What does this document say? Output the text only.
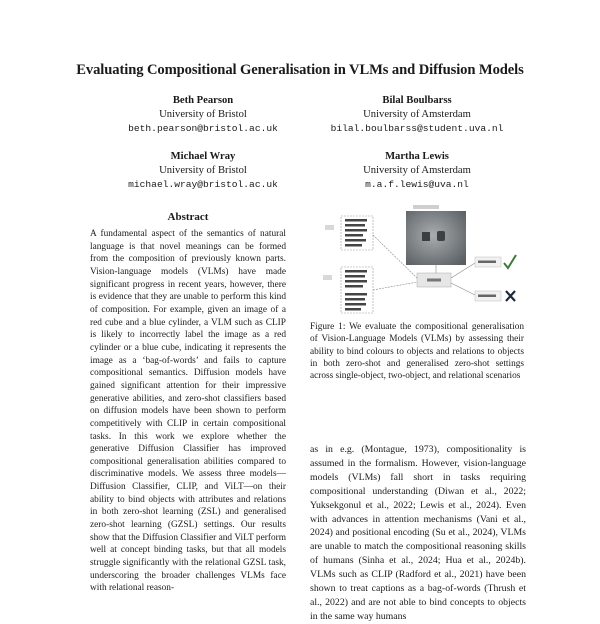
Evaluating Compositional Generalisation in VLMs and Diffusion Models
Beth Pearson
University of Bristol
beth.pearson@bristol.ac.uk
Bilal Boulbarss
University of Amsterdam
bilal.boulbarss@student.uva.nl
Michael Wray
University of Bristol
michael.wray@bristol.ac.uk
Martha Lewis
University of Amsterdam
m.a.f.lewis@uva.nl
Abstract
A fundamental aspect of the semantics of natural language is that novel meanings can be formed from the composition of previously known parts. Vision-language models (VLMs) have made significant progress in recent years, however, there is evidence that they are unable to perform this kind of composition. For example, given an image of a red cube and a blue cylinder, a VLM such as CLIP is likely to incorrectly label the image as a red cylinder or a blue cube, indicating it represents the image as a ‘bag-of-words’ and fails to capture compositional semantics. Diffusion models have gained significant attention for their impressive generative abilities, and zero-shot classifiers based on diffusion models have been shown to perform competitively with CLIP in certain compositional tasks. In this work we explore whether the generative Diffusion Classifier has improved compositional generalisation abilities compared to discriminative models. We assess three models—Diffusion Classifier, CLIP, and ViLT—on their ability to bind objects with attributes and relations in both zero-shot learning (ZSL) and generalised zero-shot learning (GZSL) settings. Our results show that the Diffusion Classifier and ViLT perform well at concept binding tasks, but that all models struggle significantly with the relational GZSL task, underscoring the broader challenges VLMs face with relational reason-
Figure 1: We evaluate the compositional generalisation of Vision-Language Models (VLMs) by assessing their ability to bind colours to objects and relations to objects in both zero-shot and generalised zero-shot settings across single-object, two-object, and relational scenarios
as in e.g. (Montague, 1973), compositionality is assumed in the formalism. However, vision-language models (VLMs) fall short in tasks requiring compositional understanding (Diwan et al., 2022; Yuksekgonul et al., 2022; Lewis et al., 2024). Even with advances in attention mechanisms (Vani et al., 2024) and positional encoding (Su et al., 2024), VLMs are unable to match the compositional reasoning skills of humans (Sinha et al., 2024; Hua et al., 2024b). VLMs such as CLIP (Radford et al., 2021) have been shown to treat captions as a bag-of-words (Thrush et al., 2022) and are not able to bind concepts to objects in the same way humans
